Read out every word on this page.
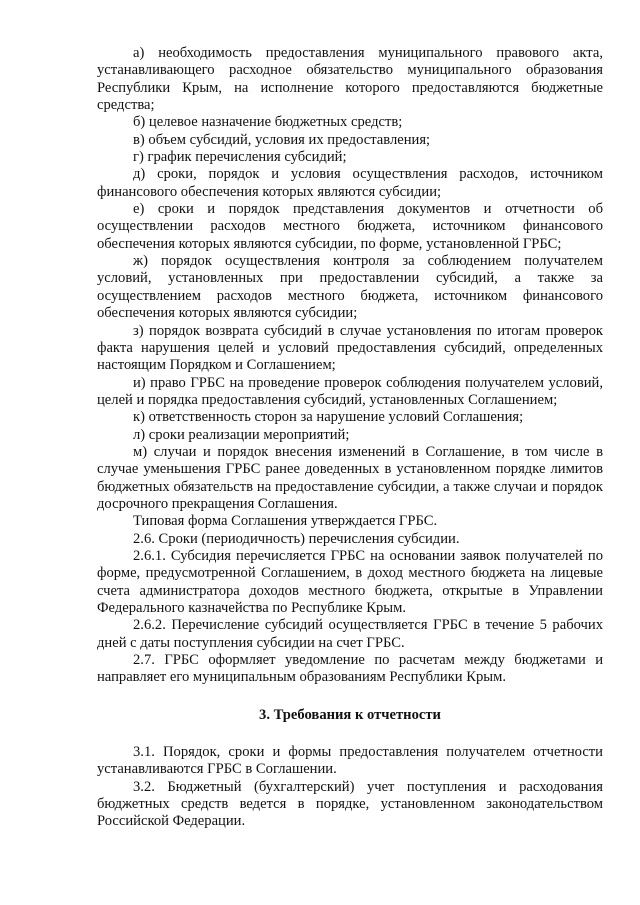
а) необходимость предоставления муниципального правового акта, устанавливающего расходное обязательство муниципального образования Республики Крым, на исполнение которого предоставляются бюджетные средства;

б) целевое назначение бюджетных средств;

в) объем субсидий, условия их предоставления;

г) график перечисления субсидий;

д) сроки, порядок и условия осуществления расходов, источником финансового обеспечения которых являются субсидии;

е) сроки и порядок представления документов и отчетности об осуществлении расходов местного бюджета, источником финансового обеспечения которых являются субсидии, по форме, установленной ГРБС;

ж) порядок осуществления контроля за соблюдением получателем условий, установленных при предоставлении субсидий, а также за осуществлением расходов местного бюджета, источником финансового обеспечения которых являются субсидии;

з) порядок возврата субсидий в случае установления по итогам проверок факта нарушения целей и условий предоставления субсидий, определенных настоящим Порядком и Соглашением;

и) право ГРБС на проведение проверок соблюдения получателем условий, целей и порядка предоставления субсидий, установленных Соглашением;

к) ответственность сторон за нарушение условий Соглашения;

л) сроки реализации мероприятий;

м) случаи и порядок внесения изменений в Соглашение, в том числе в случае уменьшения ГРБС ранее доведенных в установленном порядке лимитов бюджетных обязательств на предоставление субсидии, а также случаи и порядок досрочного прекращения Соглашения.

Типовая форма Соглашения утверждается ГРБС.

2.6. Сроки (периодичность) перечисления субсидии.

2.6.1. Субсидия перечисляется ГРБС на основании заявок получателей по форме, предусмотренной Соглашением, в доход местного бюджета на лицевые счета администратора доходов местного бюджета, открытые в Управлении Федерального казначейства по Республике Крым.

2.6.2. Перечисление субсидий осуществляется ГРБС в течение 5 рабочих дней с даты поступления субсидии на счет ГРБС.

2.7. ГРБС оформляет уведомление по расчетам между бюджетами и направляет его муниципальным образованиям Республики Крым.

3. Требования к отчетности

3.1. Порядок, сроки и формы предоставления получателем отчетности устанавливаются ГРБС в Соглашении.

3.2. Бюджетный (бухгалтерский) учет поступления и расходования бюджетных средств ведется в порядке, установленном законодательством Российской Федерации.
